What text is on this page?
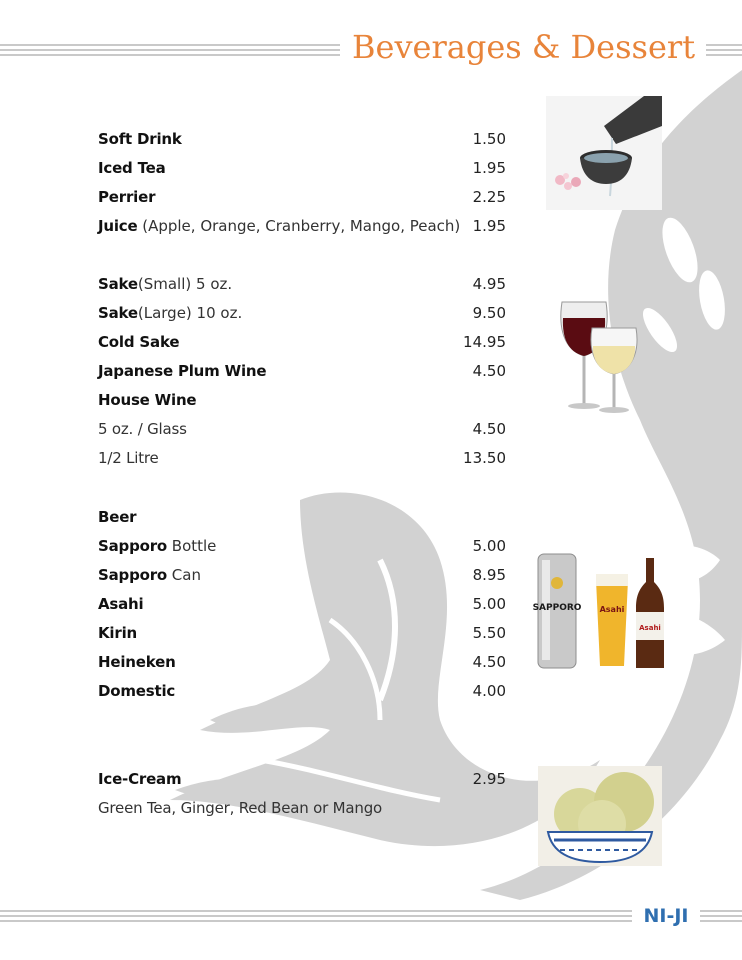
Beverages & Dessert
Soft Drink	1.50
Iced Tea	1.95
Perrier	2.25
Juice (Apple, Orange, Cranberry, Mango, Peach) 1.95
Sake(Small) 5 oz.	4.95
Sake(Large) 10 oz.	9.50
Cold Sake	14.95
Japanese Plum Wine	4.50
House Wine
5 oz. / Glass	4.50
1/2 Litre	13.50
Beer
Sapporo Bottle	5.00
Sapporo Can	8.95
Asahi	5.00
Kirin	5.50
Heineken	4.50
Domestic	4.00
Ice-Cream	2.95
Green Tea, Ginger, Red Bean or Mango
SAPPORO Asahi
Asahi
NI-JI
